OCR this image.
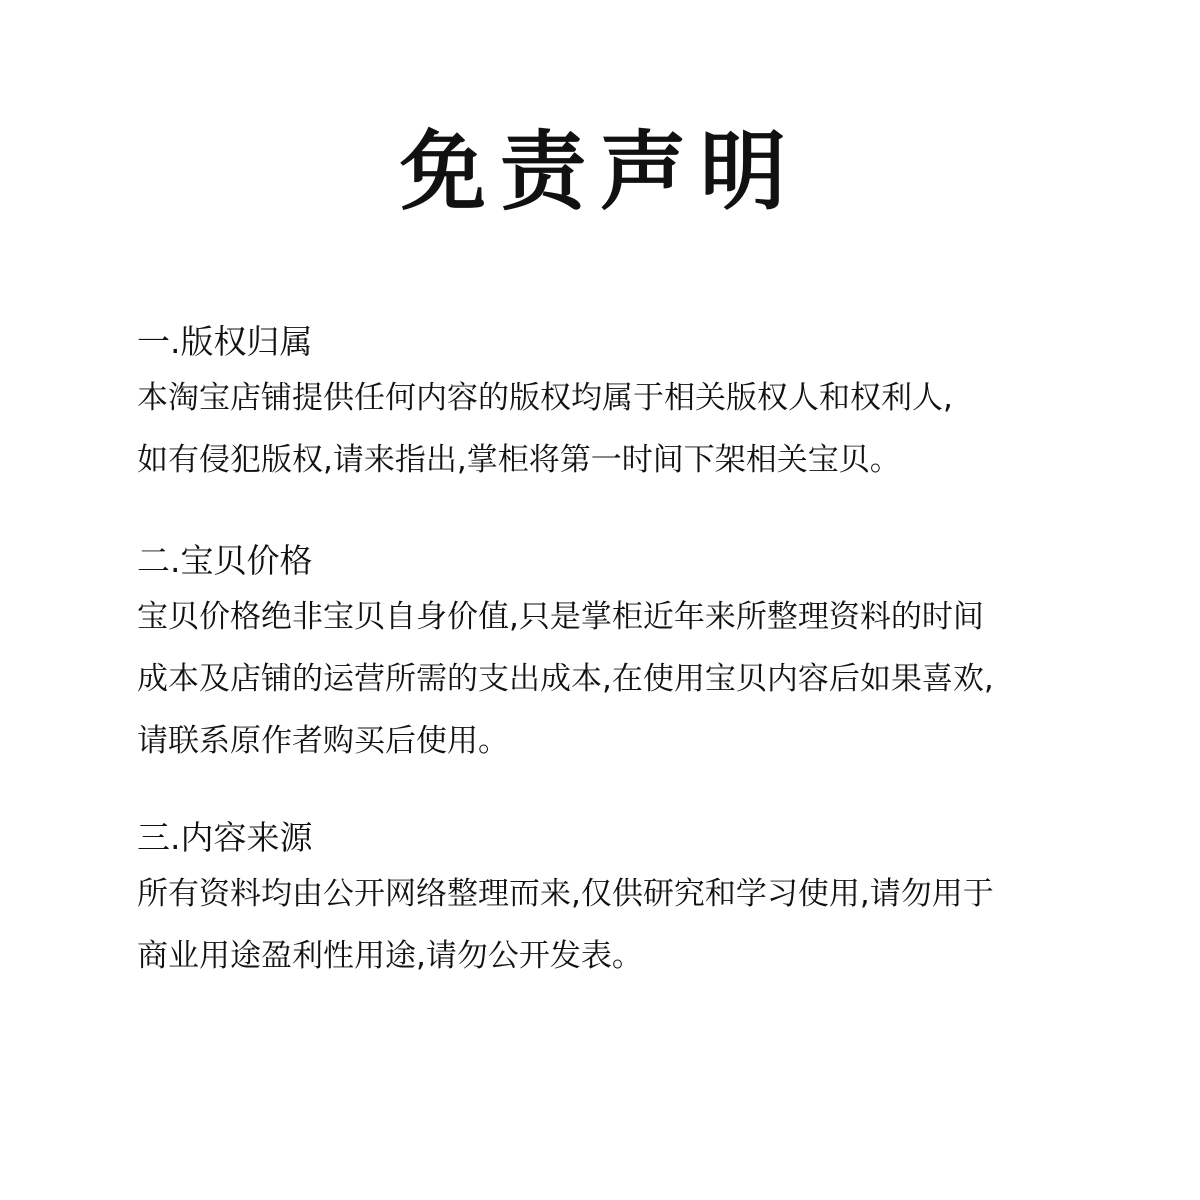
免责声明
一.版权归属
本淘宝店铺提供任何内容的版权均属于相关版权人和权利人,
如有侵犯版权,请来指出,掌柜将第一时间下架相关宝贝。
二.宝贝价格
宝贝价格绝非宝贝自身价值,只是掌柜近年来所整理资料的时间
成本及店铺的运营所需的支出成本,在使用宝贝内容后如果喜欢,
请联系原作者购买后使用。
三.内容来源
所有资料均由公开网络整理而来,仅供研究和学习使用,请勿用于
商业用途盈利性用途,请勿公开发表。
